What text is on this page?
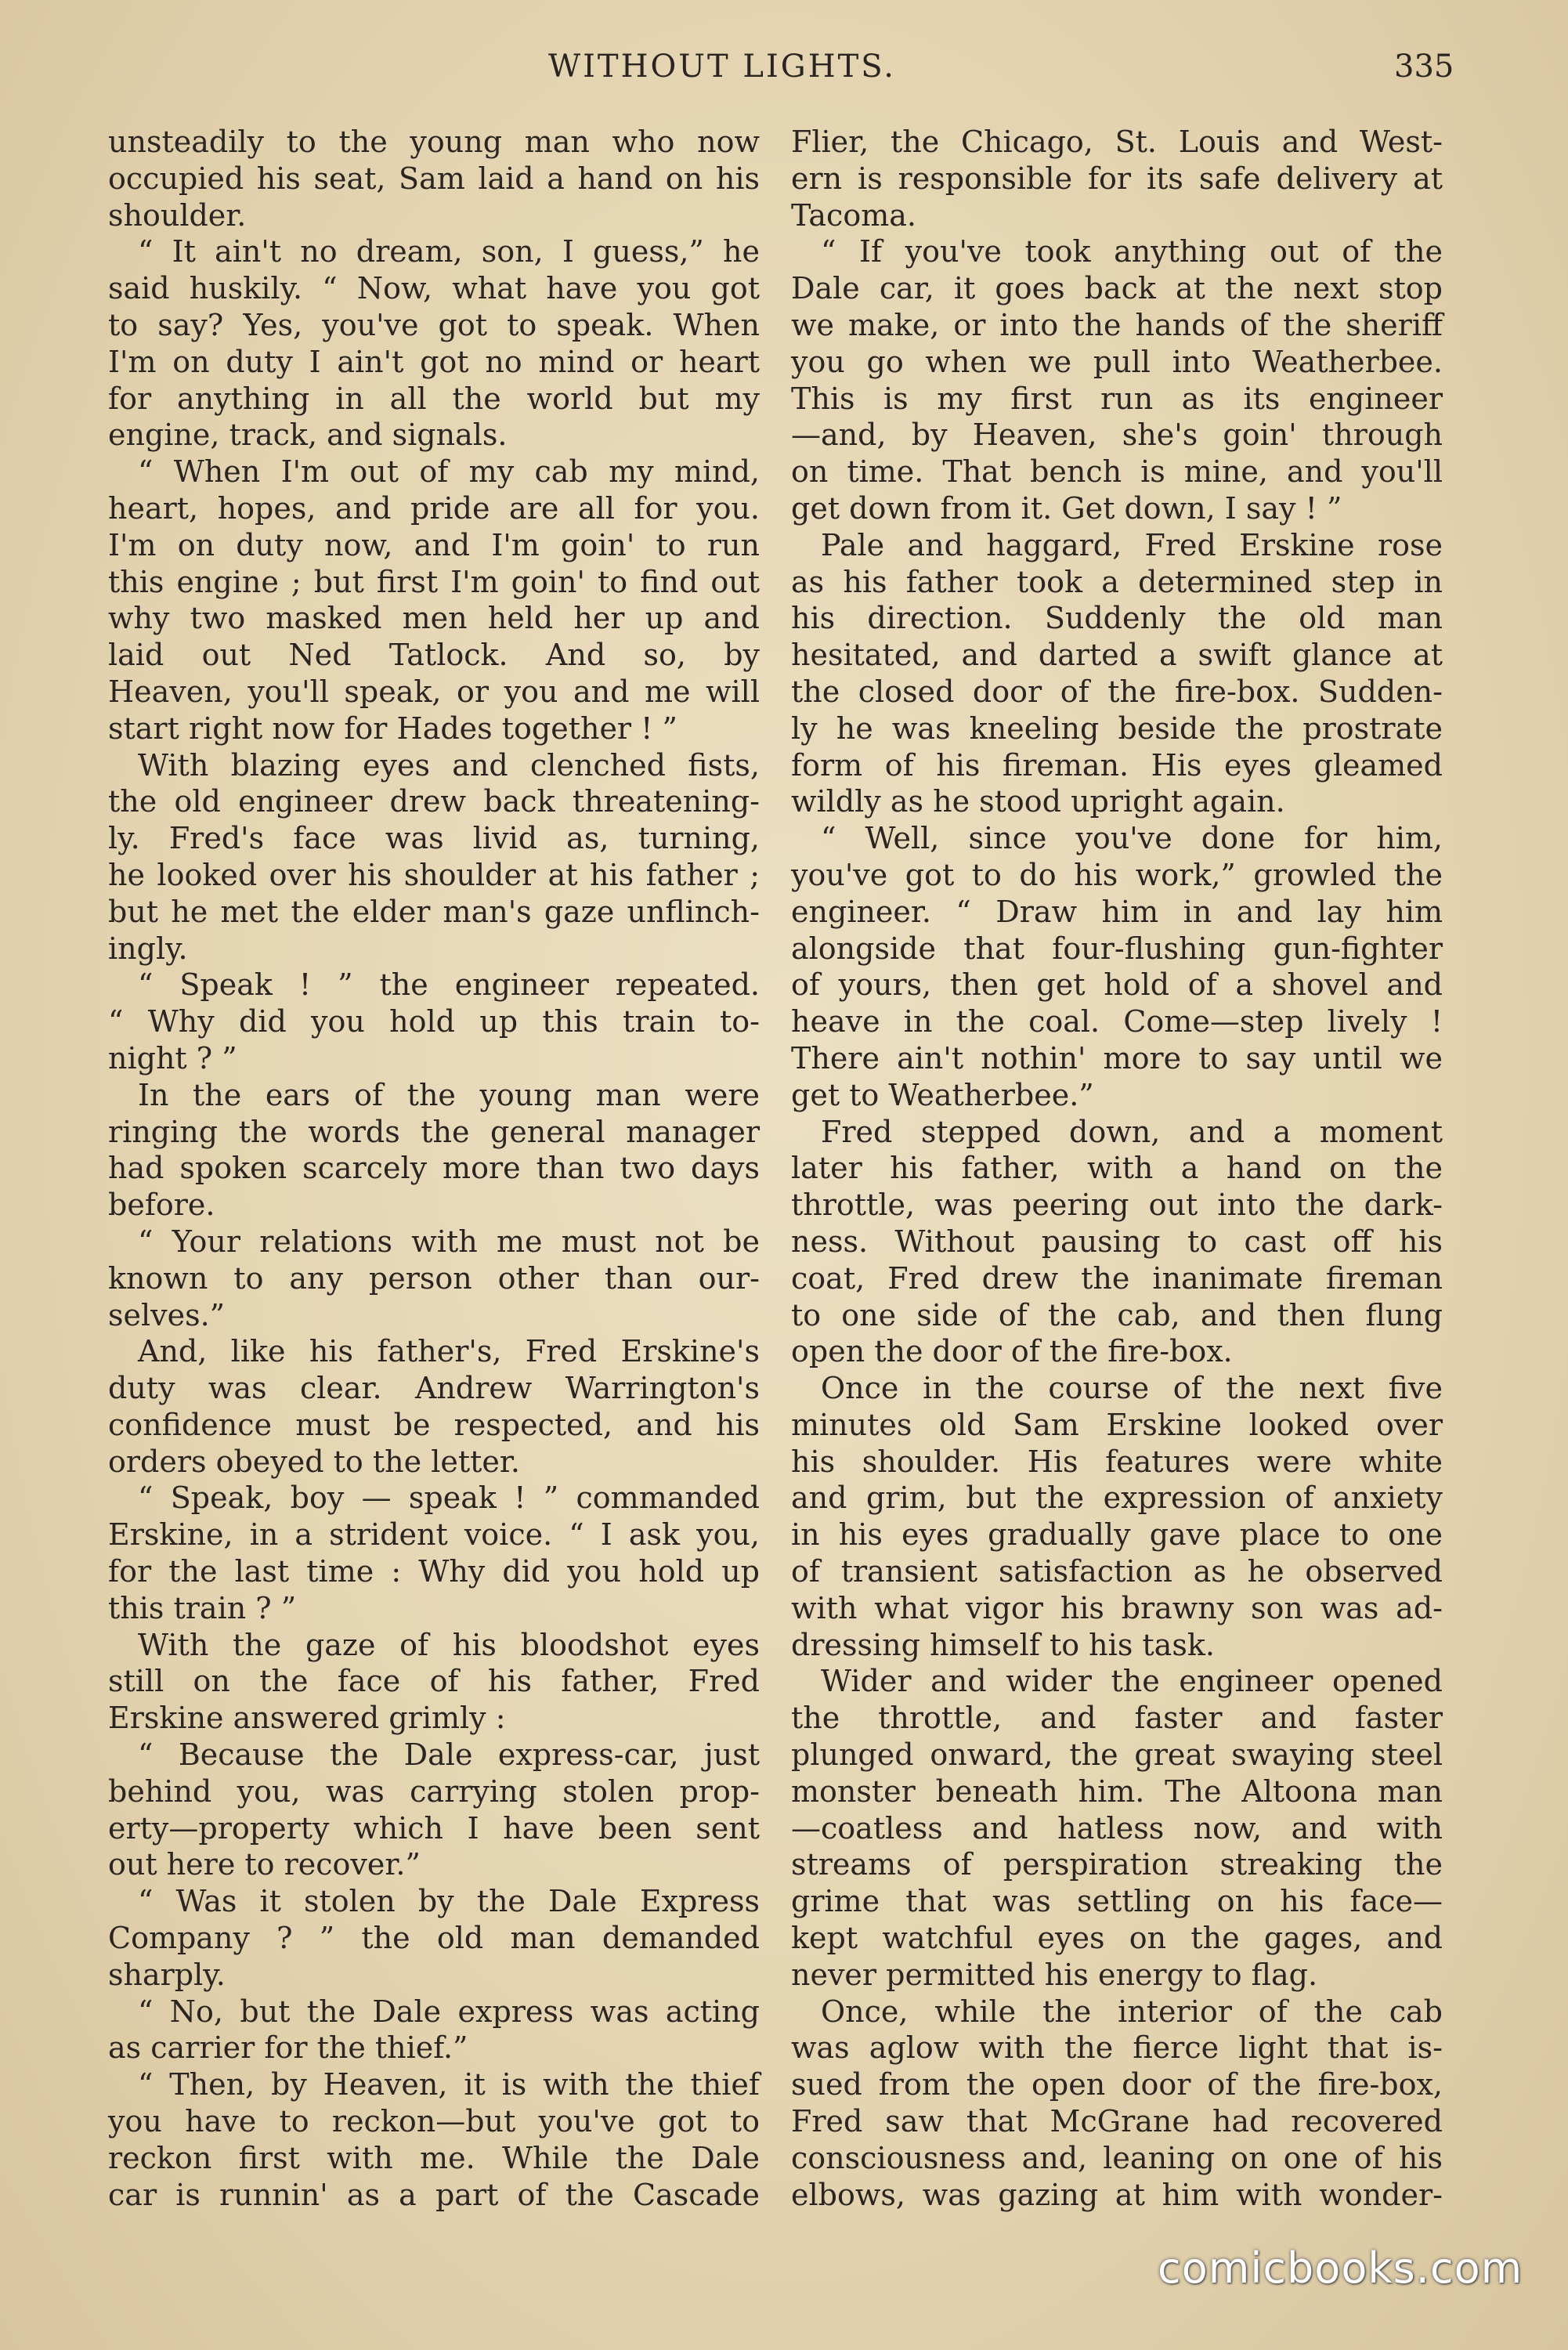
WITHOUT LIGHTS.	335
unsteadily to the young man who now
occupied his seat, Sam laid a hand on his
shoulder.
“ It ain't no dream, son, I guess,” he
said huskily. “ Now, what have you got
to say? Yes, you've got to speak. When
I'm on duty I ain't got no mind or heart
for anything in all the world but my
engine, track, and signals.
“ When I'm out of my cab my mind,
heart, hopes, and pride are all for you.
I'm on duty now, and I'm goin' to run
this engine ; but first I'm goin' to find out
why two masked men held her up and
laid out Ned Tatlock. And so, by
Heaven, you'll speak, or you and me will
start right now for Hades together ! ”
With blazing eyes and clenched fists,
the old engineer drew back threatening-
ly. Fred's face was livid as, turning,
he looked over his shoulder at his father ;
but he met the elder man's gaze unflinch-
ingly.
“ Speak ! ” the engineer repeated.
“ Why did you hold up this train to-
night ? ”
In the ears of the young man were
ringing the words the general manager
had spoken scarcely more than two days
before.
“ Your relations with me must not be
known to any person other than our-
selves.”
And, like his father's, Fred Erskine's
duty was clear. Andrew Warrington's
confidence must be respected, and his
orders obeyed to the letter.
“ Speak, boy — speak ! ” commanded
Erskine, in a strident voice. “ I ask you,
for the last time : Why did you hold up
this train ? ”
With the gaze of his bloodshot eyes
still on the face of his father, Fred
Erskine answered grimly :
“ Because the Dale express-car, just
behind you, was carrying stolen prop-
erty—property which I have been sent
out here to recover.”
“ Was it stolen by the Dale Express
Company ? ” the old man demanded
sharply.
“ No, but the Dale express was acting
as carrier for the thief.”
“ Then, by Heaven, it is with the thief
you have to reckon—but you've got to
reckon first with me. While the Dale
car is runnin' as a part of the Cascade
Flier, the Chicago, St. Louis and West-
ern is responsible for its safe delivery at
Tacoma.
“ If you've took anything out of the
Dale car, it goes back at the next stop
we make, or into the hands of the sheriff
you go when we pull into Weatherbee.
This is my first run as its engineer
—and, by Heaven, she's goin' through
on time. That bench is mine, and you'll
get down from it. Get down, I say ! ”
Pale and haggard, Fred Erskine rose
as his father took a determined step in
his direction. Suddenly the old man
hesitated, and darted a swift glance at
the closed door of the fire-box. Sudden-
ly he was kneeling beside the prostrate
form of his fireman. His eyes gleamed
wildly as he stood upright again.
“ Well, since you've done for him,
you've got to do his work,” growled the
engineer. “ Draw him in and lay him
alongside that four-flushing gun-fighter
of yours, then get hold of a shovel and
heave in the coal. Come—step lively !
There ain't nothin' more to say until we
get to Weatherbee.”
Fred stepped down, and a moment
later his father, with a hand on the
throttle, was peering out into the dark-
ness. Without pausing to cast off his
coat, Fred drew the inanimate fireman
to one side of the cab, and then flung
open the door of the fire-box.
Once in the course of the next five
minutes old Sam Erskine looked over
his shoulder. His features were white
and grim, but the expression of anxiety
in his eyes gradually gave place to one
of transient satisfaction as he observed
with what vigor his brawny son was ad-
dressing himself to his task.
Wider and wider the engineer opened
the throttle, and faster and faster
plunged onward, the great swaying steel
monster beneath him. The Altoona man
—coatless and hatless now, and with
streams of perspiration streaking the
grime that was settling on his face—
kept watchful eyes on the gages, and
never permitted his energy to flag.
Once, while the interior of the cab
was aglow with the fierce light that is-
sued from the open door of the fire-box,
Fred saw that McGrane had recovered
consciousness and, leaning on one of his
elbows, was gazing at him with wonder-
comicbooks.com
